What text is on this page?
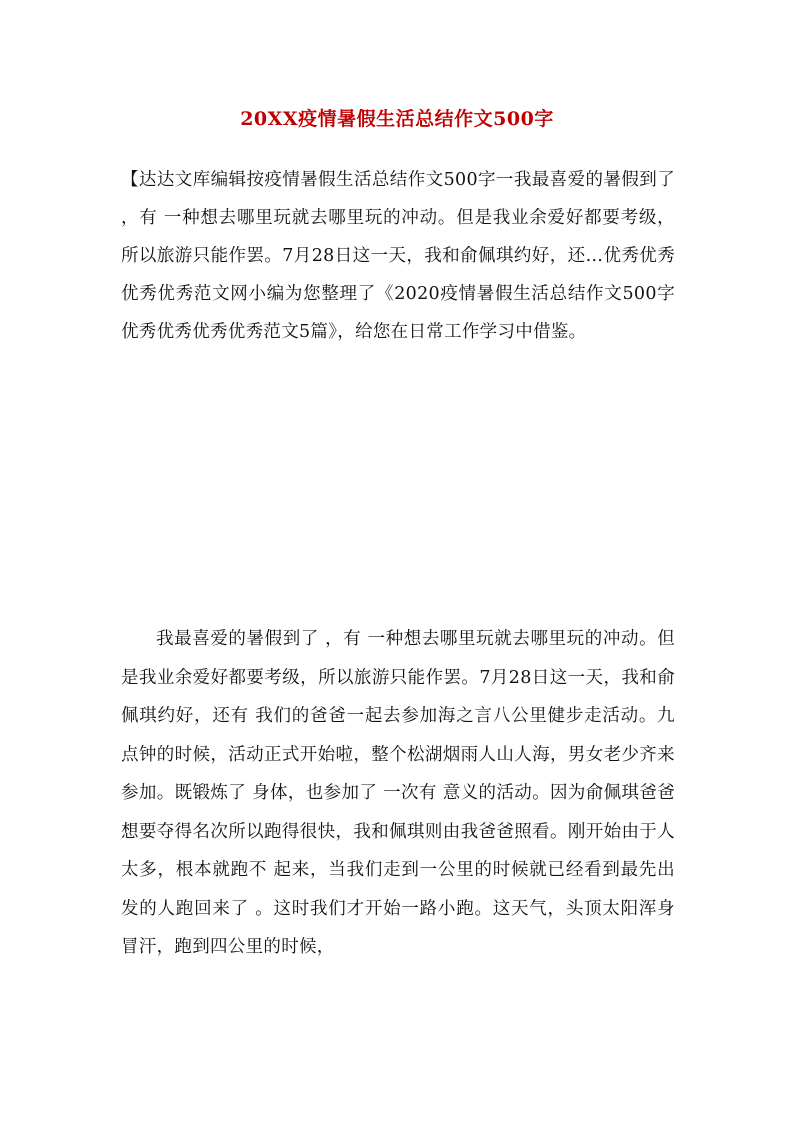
20XX疫情暑假生活总结作文500字
【达达文库编辑按疫情暑假生活总结作文500字一我最喜爱的暑假到了 ，有 一种想去哪里玩就去哪里玩的冲动。但是我业余爱好都要考级，所以旅游只能作罢。7月28日这一天，我和俞佩琪约好，还…优秀优秀优秀优秀范文网小编为您整理了《2020疫情暑假生活总结作文500字优秀优秀优秀优秀范文5篇》，给您在日常工作学习中借鉴。
我最喜爱的暑假到了 ，有 一种想去哪里玩就去哪里玩的冲动。但是我业余爱好都要考级，所以旅游只能作罢。7月28日这一天，我和俞佩琪约好，还有 我们的爸爸一起去参加海之言八公里健步走活动。九点钟的时候，活动正式开始啦，整个松湖烟雨人山人海，男女老少齐来参加。既锻炼了 身体，也参加了 一次有 意义的活动。因为俞佩琪爸爸想要夺得名次所以跑得很快，我和佩琪则由我爸爸照看。刚开始由于人太多，根本就跑不 起来，当我们走到一公里的时候就已经看到最先出发的人跑回来了 。这时我们才开始一路小跑。这天气，头顶太阳浑身冒汗，跑到四公里的时候，
